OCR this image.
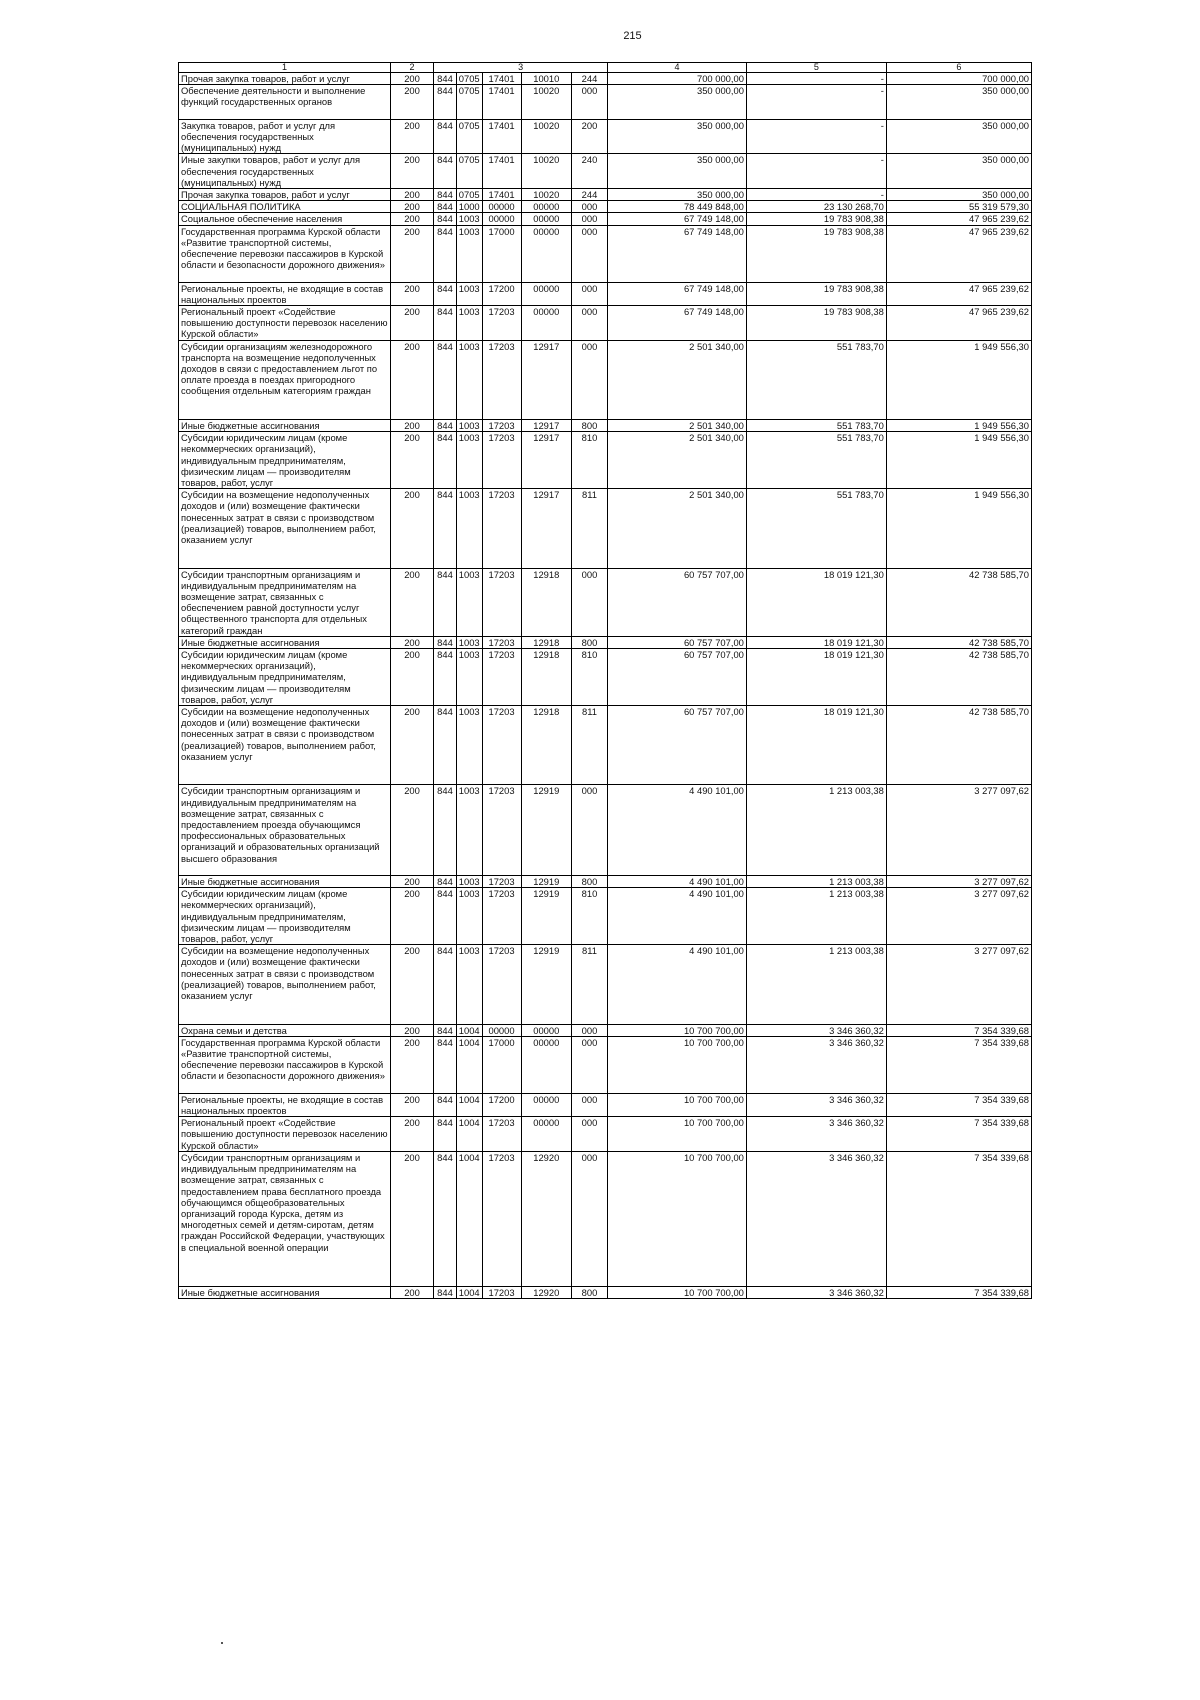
215
1	2	3					4	5	6
Прочая закупка товаров, работ и услуг	200	844	0705	17401	10010	244	700 000,00	-	700 000,00
Обеспечение деятельности и выполнение функций государственных органов	200	844	0705	17401	10020	000	350 000,00	-	350 000,00
Закупка товаров, работ и услуг для обеспечения государственных (муниципальных) нужд	200	844	0705	17401	10020	200	350 000,00	-	350 000,00
Иные закупки товаров, работ и услуг для обеспечения государственных (муниципальных) нужд	200	844	0705	17401	10020	240	350 000,00	-	350 000,00
Прочая закупка товаров, работ и услуг	200	844	0705	17401	10020	244	350 000,00	-	350 000,00
СОЦИАЛЬНАЯ ПОЛИТИКА	200	844	1000	00000	00000	000	78 449 848,00	23 130 268,70	55 319 579,30
Социальное обеспечение населения	200	844	1003	00000	00000	000	67 749 148,00	19 783 908,38	47 965 239,62
Государственная программа Курской области «Развитие транспортной системы, обеспечение перевозки пассажиров в Курской области и безопасности дорожного движения»	200	844	1003	17000	00000	000	67 749 148,00	19 783 908,38	47 965 239,62
Региональные проекты, не входящие в состав национальных проектов	200	844	1003	17200	00000	000	67 749 148,00	19 783 908,38	47 965 239,62
Региональный проект «Содействие повышению доступности перевозок населению Курской области»	200	844	1003	17203	00000	000	67 749 148,00	19 783 908,38	47 965 239,62
Субсидии организациям железнодорожного транспорта на возмещение недополученных доходов в связи с предоставлением льгот по оплате проезда в поездах пригородного сообщения отдельным категориям граждан	200	844	1003	17203	12917	000	2 501 340,00	551 783,70	1 949 556,30
Иные бюджетные ассигнования	200	844	1003	17203	12917	800	2 501 340,00	551 783,70	1 949 556,30
Субсидии юридическим лицам (кроме некоммерческих организаций), индивидуальным предпринимателям, физическим лицам — производителям товаров, работ, услуг	200	844	1003	17203	12917	810	2 501 340,00	551 783,70	1 949 556,30
Субсидии на возмещение недополученных доходов и (или) возмещение фактически понесенных затрат в связи с производством (реализацией) товаров, выполнением работ, оказанием услуг	200	844	1003	17203	12917	811	2 501 340,00	551 783,70	1 949 556,30
Субсидии транспортным организациям и индивидуальным предпринимателям на возмещение затрат, связанных с обеспечением равной доступности услуг общественного транспорта для отдельных категорий граждан	200	844	1003	17203	12918	000	60 757 707,00	18 019 121,30	42 738 585,70
Иные бюджетные ассигнования	200	844	1003	17203	12918	800	60 757 707,00	18 019 121,30	42 738 585,70
Субсидии юридическим лицам (кроме некоммерческих организаций), индивидуальным предпринимателям, физическим лицам — производителям товаров, работ, услуг	200	844	1003	17203	12918	810	60 757 707,00	18 019 121,30	42 738 585,70
Субсидии на возмещение недополученных доходов и (или) возмещение фактически понесенных затрат в связи с производством (реализацией) товаров, выполнением работ, оказанием услуг	200	844	1003	17203	12918	811	60 757 707,00	18 019 121,30	42 738 585,70
Субсидии транспортным организациям и индивидуальным предпринимателям на возмещение затрат, связанных с предоставлением проезда обучающимся профессиональных образовательных организаций и образовательных организаций высшего образования	200	844	1003	17203	12919	000	4 490 101,00	1 213 003,38	3 277 097,62
Иные бюджетные ассигнования	200	844	1003	17203	12919	800	4 490 101,00	1 213 003,38	3 277 097,62
Субсидии юридическим лицам (кроме некоммерческих организаций), индивидуальным предпринимателям, физическим лицам — производителям товаров, работ, услуг	200	844	1003	17203	12919	810	4 490 101,00	1 213 003,38	3 277 097,62
Субсидии на возмещение недополученных доходов и (или) возмещение фактически понесенных затрат в связи с производством (реализацией) товаров, выполнением работ, оказанием услуг	200	844	1003	17203	12919	811	4 490 101,00	1 213 003,38	3 277 097,62
Охрана семьи и детства	200	844	1004	00000	00000	000	10 700 700,00	3 346 360,32	7 354 339,68
Государственная программа Курской области «Развитие транспортной системы, обеспечение перевозки пассажиров в Курской области и безопасности дорожного движения»	200	844	1004	17000	00000	000	10 700 700,00	3 346 360,32	7 354 339,68
Региональные проекты, не входящие в состав национальных проектов	200	844	1004	17200	00000	000	10 700 700,00	3 346 360,32	7 354 339,68
Региональный проект «Содействие повышению доступности перевозок населению Курской области»	200	844	1004	17203	00000	000	10 700 700,00	3 346 360,32	7 354 339,68
Субсидии транспортным организациям и индивидуальным предпринимателям на возмещение затрат, связанных с предоставлением права бесплатного проезда обучающимся общеобразовательных организаций города Курска, детям из многодетных семей и детям-сиротам, детям граждан Российской Федерации, участвующих в специальной военной операции	200	844	1004	17203	12920	000	10 700 700,00	3 346 360,32	7 354 339,68
Иные бюджетные ассигнования	200	844	1004	17203	12920	800	10 700 700,00	3 346 360,32	7 354 339,68
